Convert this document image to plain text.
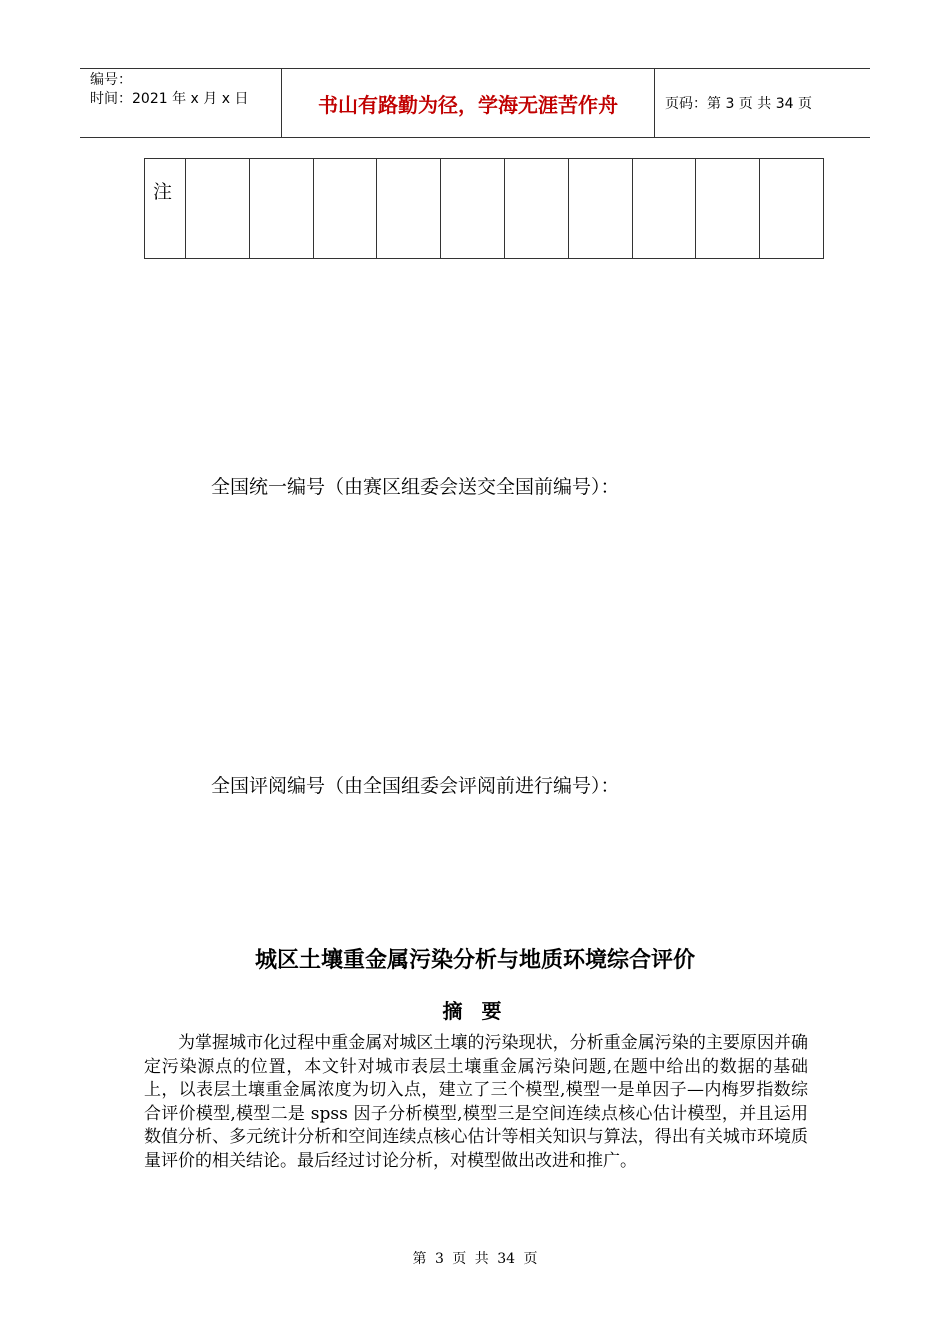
编号：
时间：2021 年 x 月 x 日	书山有路勤为径，学海无涯苦作舟	页码：第 3 页 共 34 页
注										
全国统一编号（由赛区组委会送交全国前编号）：
全国评阅编号（由全国组委会评阅前进行编号）：
城区土壤重金属污染分析与地质环境综合评价
摘 要
为掌握城市化过程中重金属对城区土壤的污染现状，分析重金属污染的主要原因并确定污染源点的位置，本文针对城市表层土壤重金属污染问题,在题中给出的数据的基础上，以表层土壤重金属浓度为切入点，建立了三个模型,模型一是单因子—内梅罗指数综合评价模型,模型二是 spss 因子分析模型,模型三是空间连续点核心估计模型，并且运用数值分析、多元统计分析和空间连续点核心估计等相关知识与算法，得出有关城市环境质量评价的相关结论。最后经过讨论分析，对模型做出改进和推广。
第 3 页 共 34 页
